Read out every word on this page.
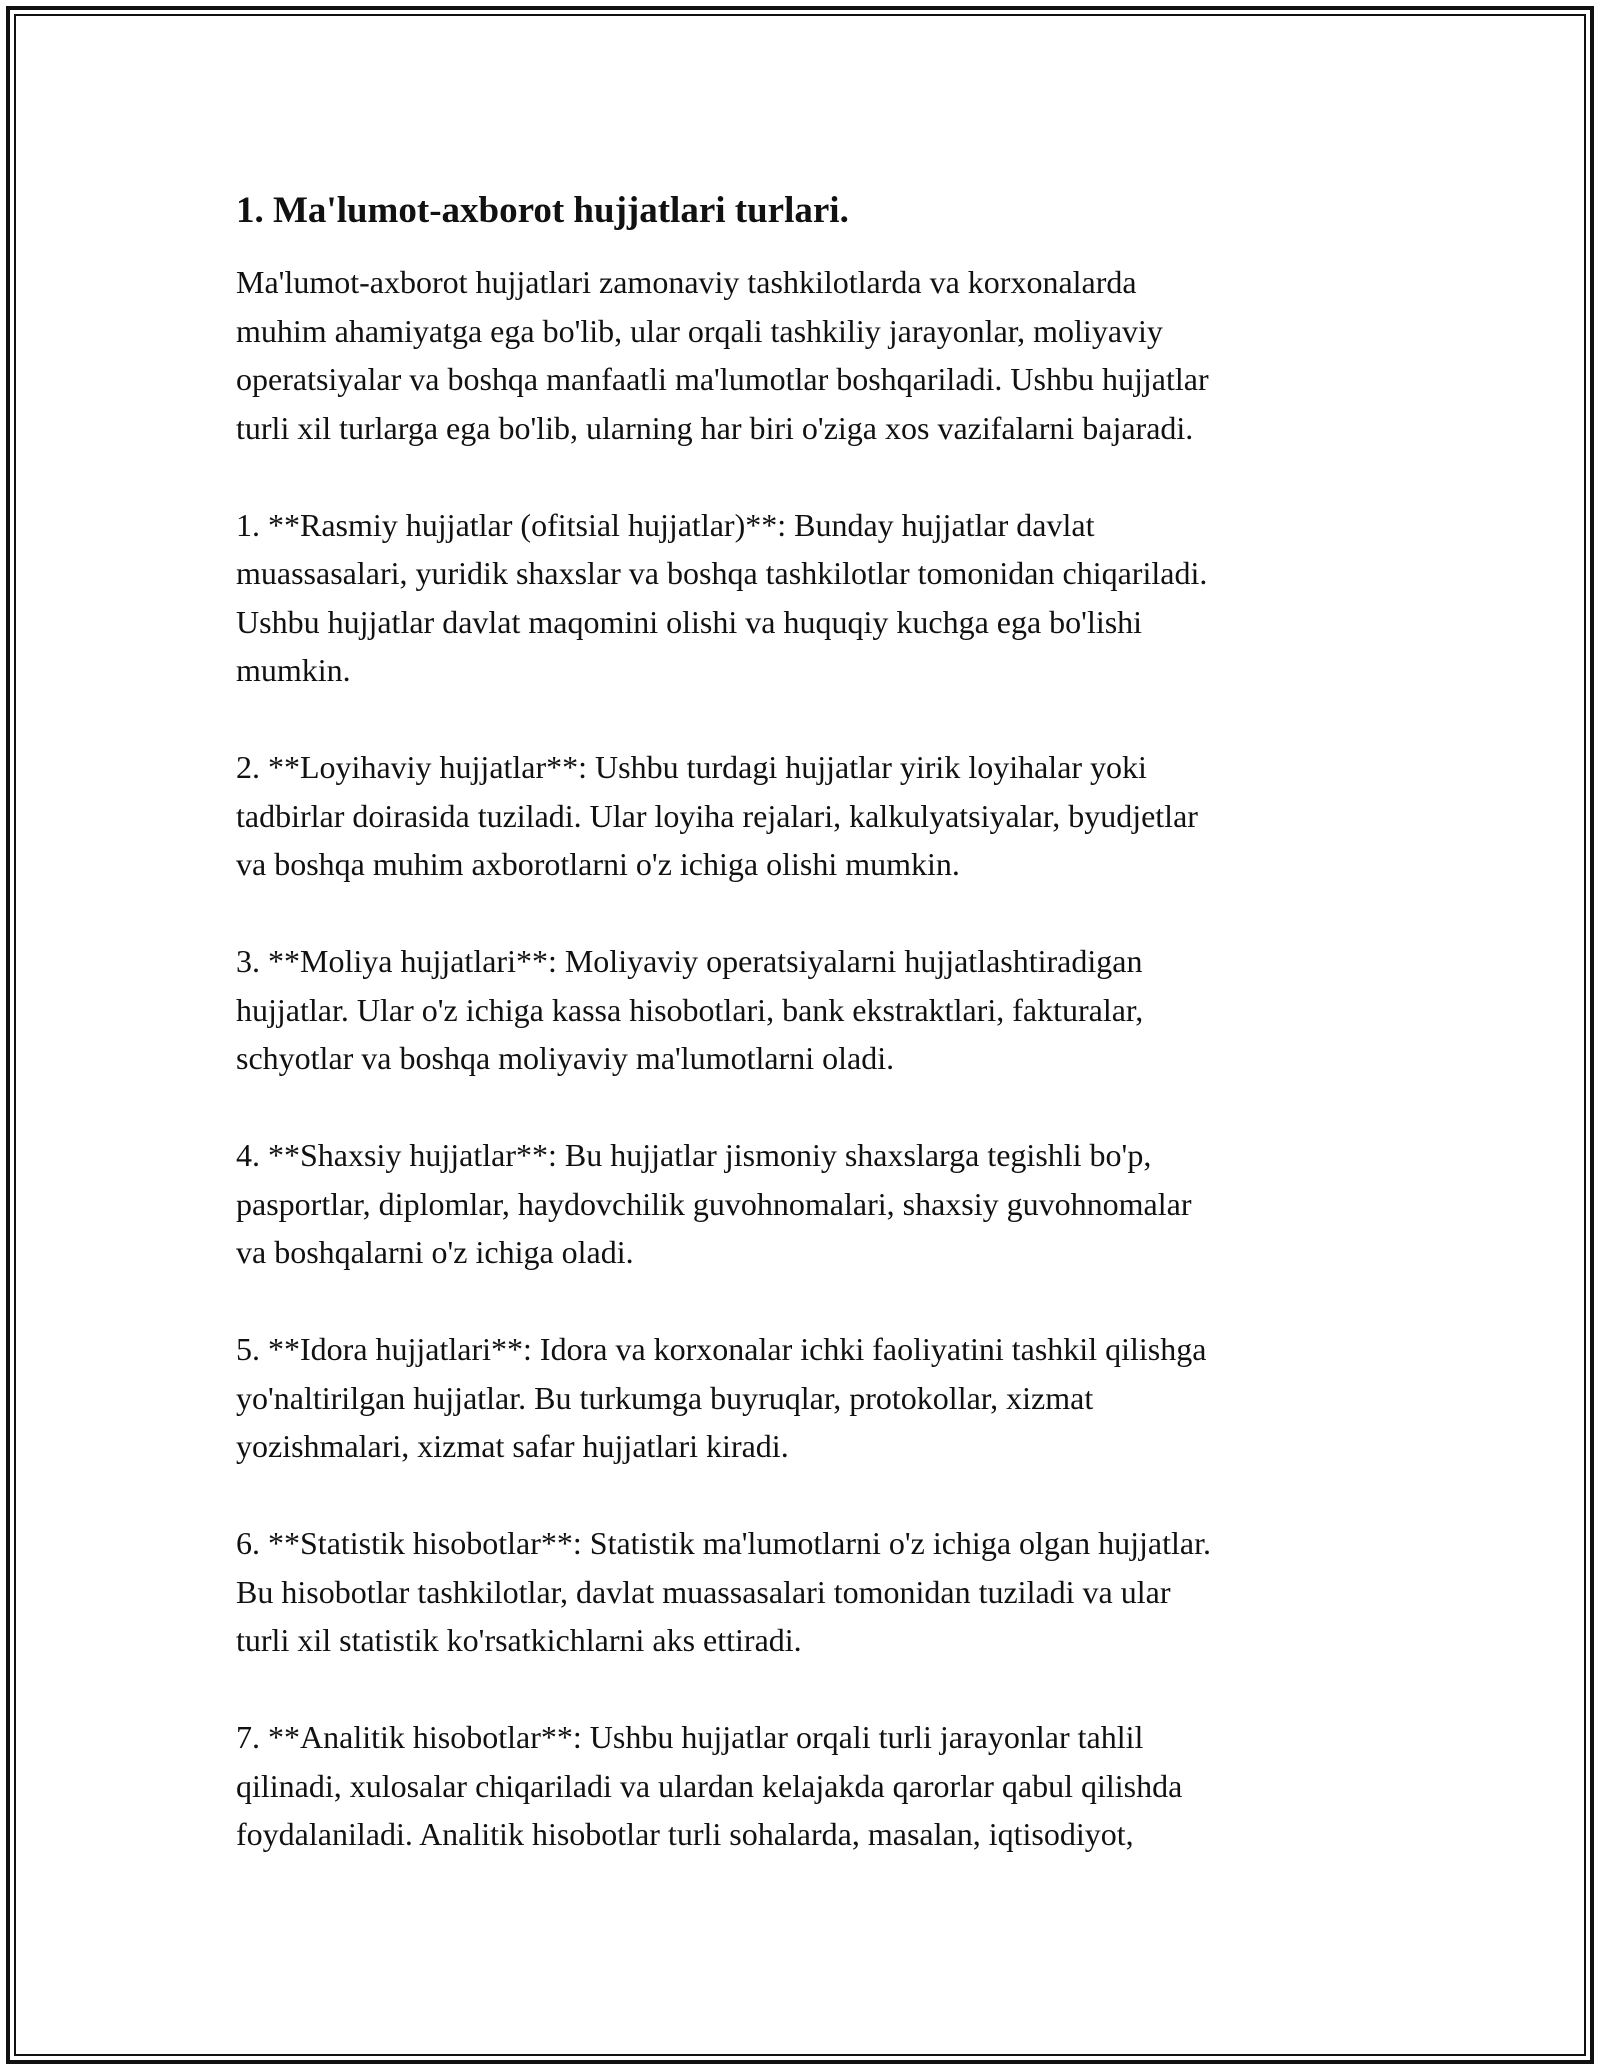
1. Ma'lumot-axborot hujjatlari turlari.
Ma'lumot-axborot hujjatlari zamonaviy tashkilotlarda va korxonalarda
muhim ahamiyatga ega bo'lib, ular orqali tashkiliy jarayonlar, moliyaviy
operatsiyalar va boshqa manfaatli ma'lumotlar boshqariladi. Ushbu hujjatlar
turli xil turlarga ega bo'lib, ularning har biri o'ziga xos vazifalarni bajaradi.
1. **Rasmiy hujjatlar (ofitsial hujjatlar)**: Bunday hujjatlar davlat
muassasalari, yuridik shaxslar va boshqa tashkilotlar tomonidan chiqariladi.
Ushbu hujjatlar davlat maqomini olishi va huquqiy kuchga ega bo'lishi
mumkin.
2. **Loyihaviy hujjatlar**: Ushbu turdagi hujjatlar yirik loyihalar yoki
tadbirlar doirasida tuziladi. Ular loyiha rejalari, kalkulyatsiyalar, byudjetlar
va boshqa muhim axborotlarni o'z ichiga olishi mumkin.
3. **Moliya hujjatlari**: Moliyaviy operatsiyalarni hujjatlashtiradigan
hujjatlar. Ular o'z ichiga kassa hisobotlari, bank ekstraktlari, fakturalar,
schyotlar va boshqa moliyaviy ma'lumotlarni oladi.
4. **Shaxsiy hujjatlar**: Bu hujjatlar jismoniy shaxslarga tegishli bo'p,
pasportlar, diplomlar, haydovchilik guvohnomalari, shaxsiy guvohnomalar
va boshqalarni o'z ichiga oladi.
5. **Idora hujjatlari**: Idora va korxonalar ichki faoliyatini tashkil qilishga
yo'naltirilgan hujjatlar. Bu turkumga buyruqlar, protokollar, xizmat
yozishmalari, xizmat safar hujjatlari kiradi.
6. **Statistik hisobotlar**: Statistik ma'lumotlarni o'z ichiga olgan hujjatlar.
Bu hisobotlar tashkilotlar, davlat muassasalari tomonidan tuziladi va ular
turli xil statistik ko'rsatkichlarni aks ettiradi.
7. **Analitik hisobotlar**: Ushbu hujjatlar orqali turli jarayonlar tahlil
qilinadi, xulosalar chiqariladi va ulardan kelajakda qarorlar qabul qilishda
foydalaniladi. Analitik hisobotlar turli sohalarda, masalan, iqtisodiyot,
